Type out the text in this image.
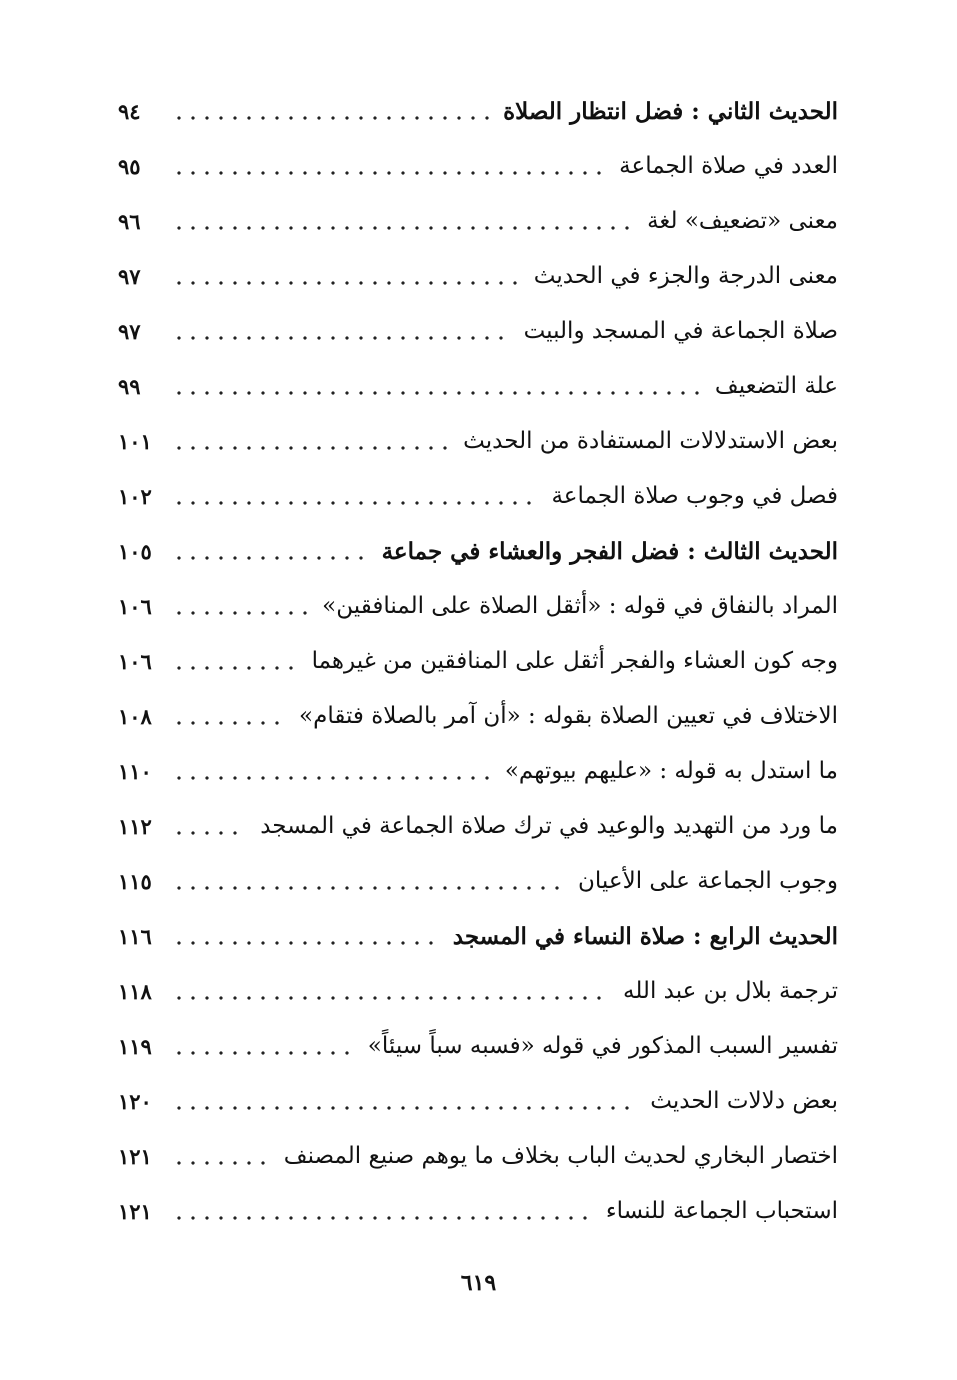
الحديث الثاني : فضل انتظار الصلاة
٩٤
العدد في صلاة الجماعة
٩٥
معنى «تضعيف» لغة
٩٦
معنى الدرجة والجزء في الحديث
٩٧
صلاة الجماعة في المسجد والبيت
٩٧
علة التضعيف
٩٩
بعض الاستدلالات المستفادة من الحديث
١٠١
فصل في وجوب صلاة الجماعة
١٠٢
الحديث الثالث : فضل الفجر والعشاء في جماعة
١٠٥
المراد بالنفاق في قوله : «أثقل الصلاة على المنافقين»
١٠٦
وجه كون العشاء والفجر أثقل على المنافقين من غيرهما
١٠٦
الاختلاف في تعيين الصلاة بقوله : «أن آمر بالصلاة فتقام»
١٠٨
ما استدل به قوله : «عليهم بيوتهم»
١١٠
ما ورد من التهديد والوعيد في ترك صلاة الجماعة في المسجد
١١٢
وجوب الجماعة على الأعيان
١١٥
الحديث الرابع : صلاة النساء في المسجد
١١٦
ترجمة بلال بن عبد الله
١١٨
تفسير السبب المذكور في قوله «فسبه سباً سيئاً»
١١٩
بعض دلالات الحديث
١٢٠
اختصار البخاري لحديث الباب بخلاف ما يوهم صنيع المصنف
١٢١
استحباب الجماعة للنساء
١٢١
٦١٩
